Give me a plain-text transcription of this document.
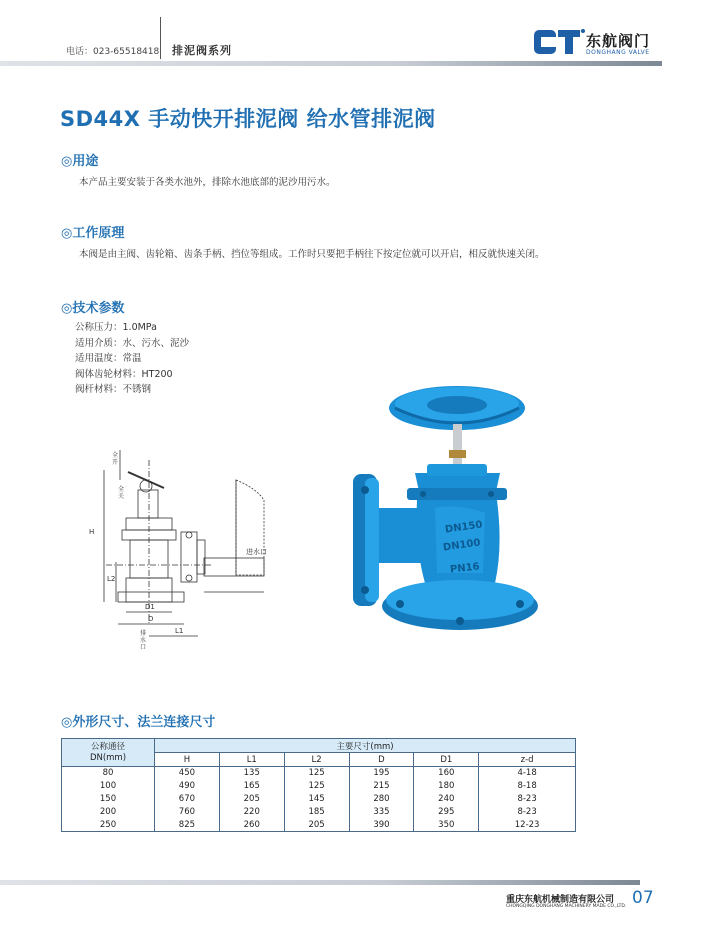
电话：023-65518418 排泥阀系列
东航阀门
DONGHANG VALVE
SD44X 手动快开排泥阀 给水管排泥阀
◎用途
本产品主要安装于各类水池外，排除水池底部的泥沙用污水。
◎工作原理
本阀是由主阀、齿轮箱、齿条手柄、挡位等组成。工作时只要把手柄往下按定位就可以开启，相反就快速关闭。
◎技术参数
公称压力：1.0MPa
适用介质：水、污水、泥沙
适用温度：常温
阀体齿轮材料：HT200
阀杆材料：不锈钢
H
L2
D1
D
L1
进水口
全开
全关
排水口
DN150
DN100
PN16
◎外形尺寸、法兰连接尺寸
公称通径
DN(mm)	主要尺寸(mm)					
	H	L1	L2	D	D1	z-d
80	450	135	125	195	160	4-18
100	490	165	125	215	180	8-18
150	670	205	145	280	240	8-23
200	760	220	185	335	295	8-23
250	825	260	205	390	350	12-23
重庆东航机械制造有限公司
CHONGQING DONGHANG MACHINERY MADE CO.,LTD. 07
